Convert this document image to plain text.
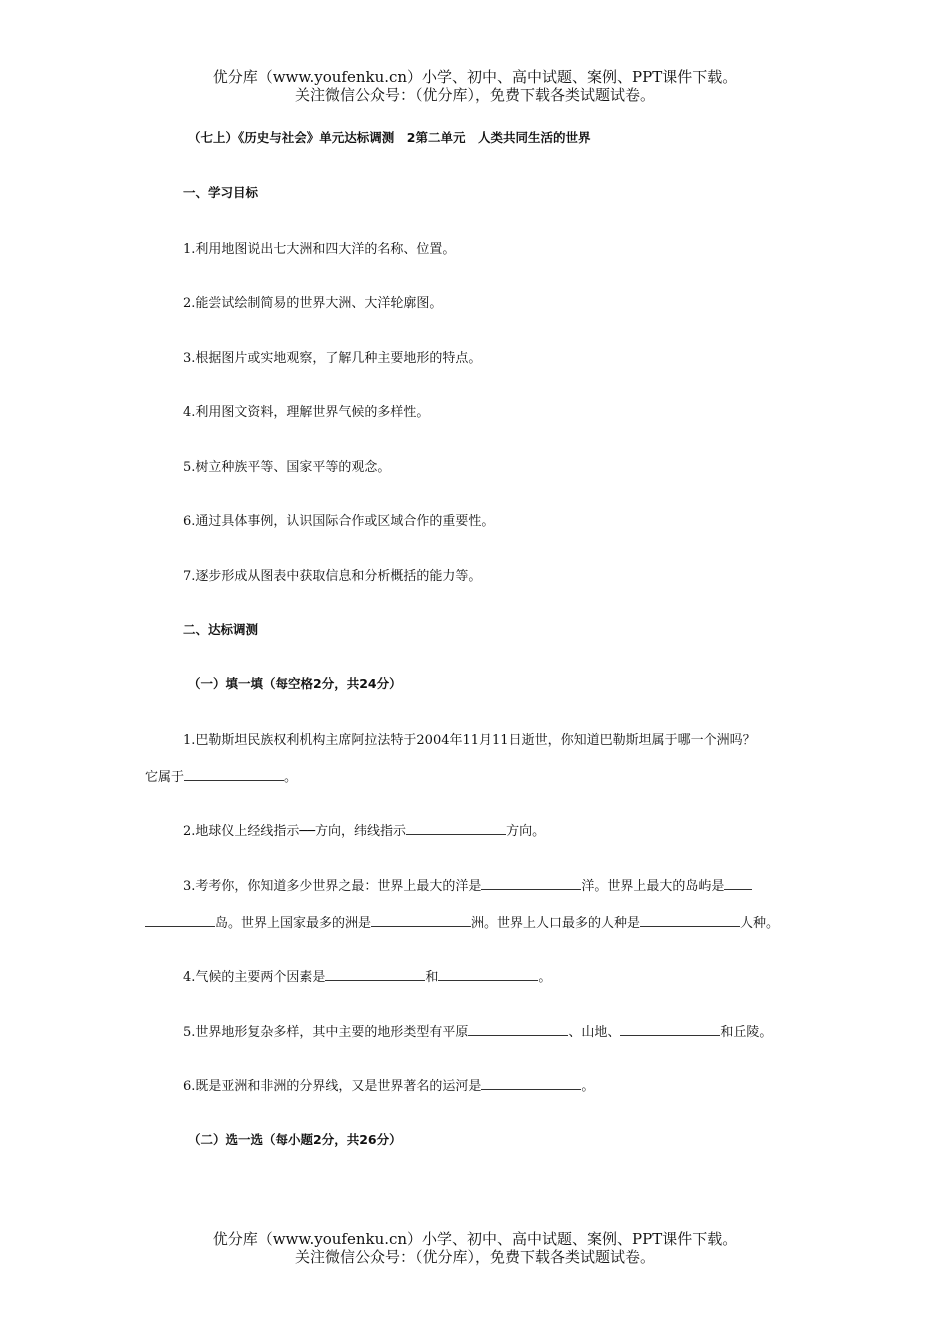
优分库（www.youfenku.cn）小学、初中、高中试题、案例、PPT课件下载。
关注微信公众号：（优分库），免费下载各类试题试卷。
（七上）《历史与社会》单元达标调测　2第二单元　人类共同生活的世界
一、学习目标
1.利用地图说出七大洲和四大洋的名称、位置。
2.能尝试绘制简易的世界大洲、大洋轮廓图。
3.根据图片或实地观察，了解几种主要地形的特点。
4.利用图文资料，理解世界气候的多样性。
5.树立种族平等、国家平等的观念。
6.通过具体事例，认识国际合作或区域合作的重要性。
7.逐步形成从图表中获取信息和分析概括的能力等。
二、达标调测
（一）填一填（每空格2分，共24分）
1.巴勒斯坦民族权利机构主席阿拉法特于2004年11月11日逝世，你知道巴勒斯坦属于哪一个洲吗？
它属于	。
2.地球仪上经线指示──方向，纬线指示	方向。
3.考考你，你知道多少世界之最：世界上最大的洋是	洋。世界上最大的岛屿是
岛。世界上国家最多的洲是	洲。世界上人口最多的人种是	人种。
4.气候的主要两个因素是	和	。
5.世界地形复杂多样，其中主要的地形类型有平原	、山地、	和丘陵。
6.既是亚洲和非洲的分界线，又是世界著名的运河是	。
（二）选一选（每小题2分，共26分）
优分库（www.youfenku.cn）小学、初中、高中试题、案例、PPT课件下载。
关注微信公众号：（优分库），免费下载各类试题试卷。
